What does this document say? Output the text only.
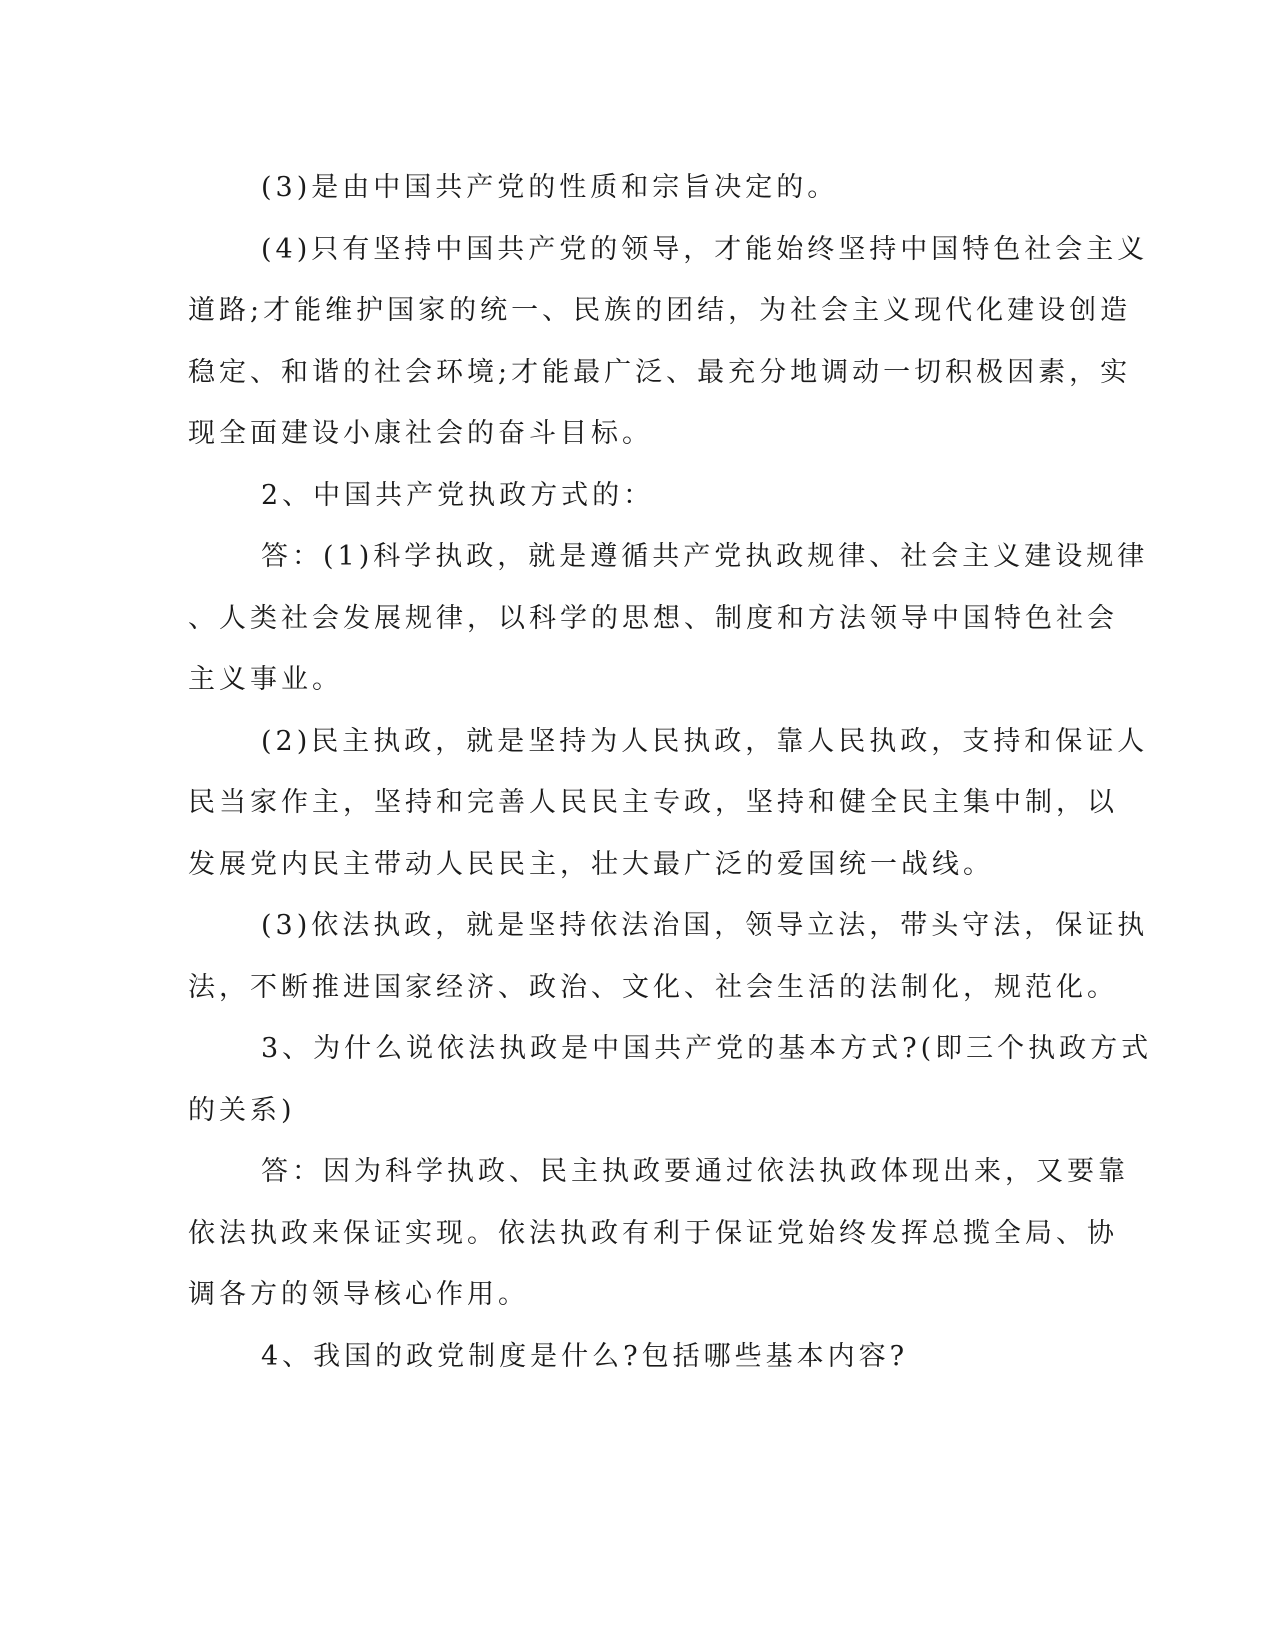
(3)是由中国共产党的性质和宗旨决定的。
(4)只有坚持中国共产党的领导，才能始终坚持中国特色社会主义
道路;才能维护国家的统一、民族的团结，为社会主义现代化建设创造
稳定、和谐的社会环境;才能最广泛、最充分地调动一切积极因素，实
现全面建设小康社会的奋斗目标。
2、中国共产党执政方式的：
答：(1)科学执政，就是遵循共产党执政规律、社会主义建设规律
、人类社会发展规律，以科学的思想、制度和方法领导中国特色社会
主义事业。
(2)民主执政，就是坚持为人民执政，靠人民执政，支持和保证人
民当家作主，坚持和完善人民民主专政，坚持和健全民主集中制，以
发展党内民主带动人民民主，壮大最广泛的爱国统一战线。
(3)依法执政，就是坚持依法治国，领导立法，带头守法，保证执
法，不断推进国家经济、政治、文化、社会生活的法制化，规范化。
3、为什么说依法执政是中国共产党的基本方式?(即三个执政方式
的关系)
答：因为科学执政、民主执政要通过依法执政体现出来，又要靠
依法执政来保证实现。依法执政有利于保证党始终发挥总揽全局、协
调各方的领导核心作用。
4、我国的政党制度是什么?包括哪些基本内容?
